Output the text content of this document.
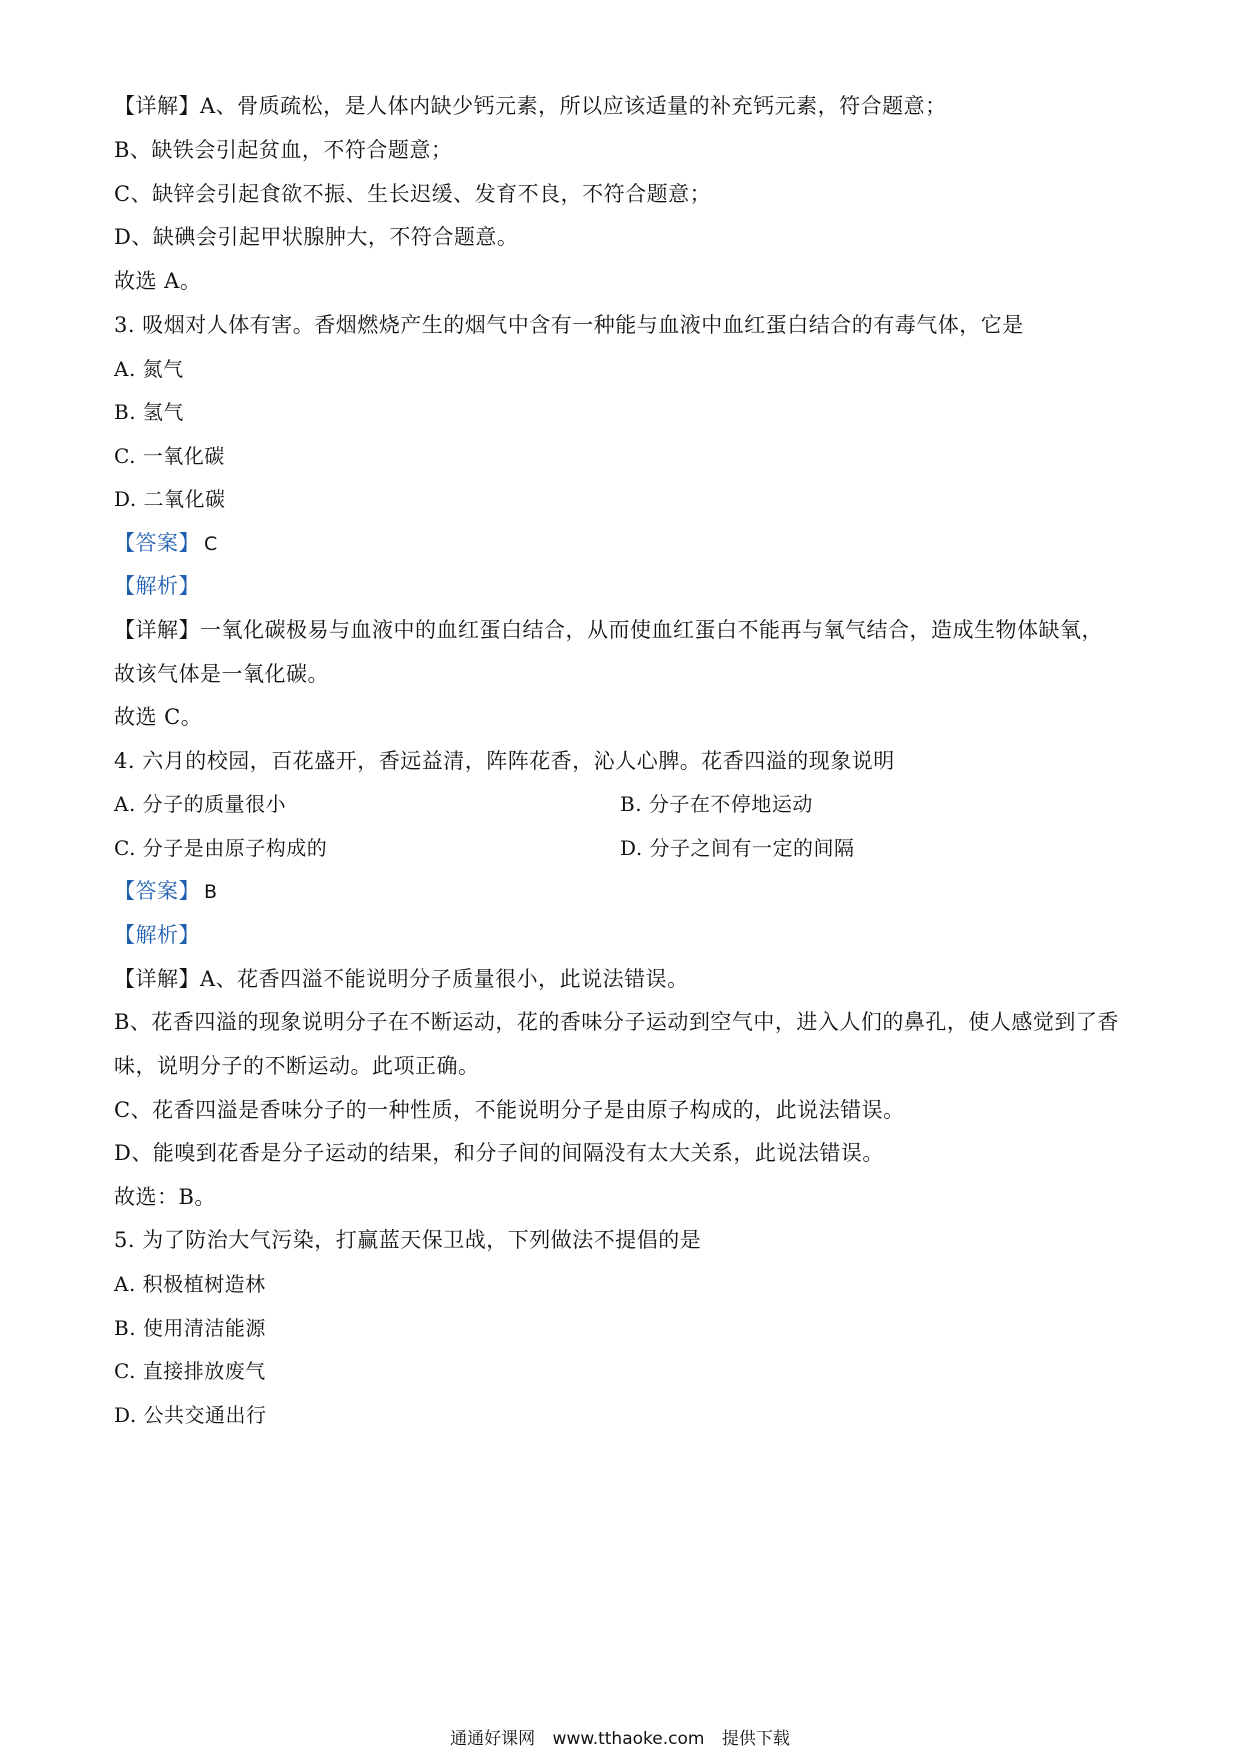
【详解】A、骨质疏松，是人体内缺少钙元素，所以应该适量的补充钙元素，符合题意；

B、缺铁会引起贫血，不符合题意；

C、缺锌会引起食欲不振、生长迟缓、发育不良，不符合题意；

D、缺碘会引起甲状腺肿大，不符合题意。

故选 A。

3. 吸烟对人体有害。香烟燃烧产生的烟气中含有一种能与血液中血红蛋白结合的有毒气体，它是

A. 氮气

B. 氢气

C. 一氧化碳

D. 二氧化碳

【答案】 C

【解析】

【详解】一氧化碳极易与血液中的血红蛋白结合，从而使血红蛋白不能再与氧气结合，造成生物体缺氧，

故该气体是一氧化碳。

故选 C。

4. 六月的校园，百花盛开，香远益清，阵阵花香，沁人心脾。花香四溢的现象说明

A. 分子的质量很小	B. 分子在不停地运动

C. 分子是由原子构成的	D. 分子之间有一定的间隔

【答案】 B

【解析】

【详解】A、花香四溢不能说明分子质量很小，此说法错误。

B、花香四溢的现象说明分子在不断运动，花的香味分子运动到空气中，进入人们的鼻孔，使人感觉到了香

味，说明分子的不断运动。此项正确。

C、花香四溢是香味分子的一种性质，不能说明分子是由原子构成的，此说法错误。

D、能嗅到花香是分子运动的结果，和分子间的间隔没有太大关系，此说法错误。

故选：B。

5. 为了防治大气污染，打赢蓝天保卫战，下列做法不提倡的是

A. 积极植树造林

B. 使用清洁能源

C. 直接排放废气

D. 公共交通出行

通通好课网 www.tthaoke.com 提供下载
